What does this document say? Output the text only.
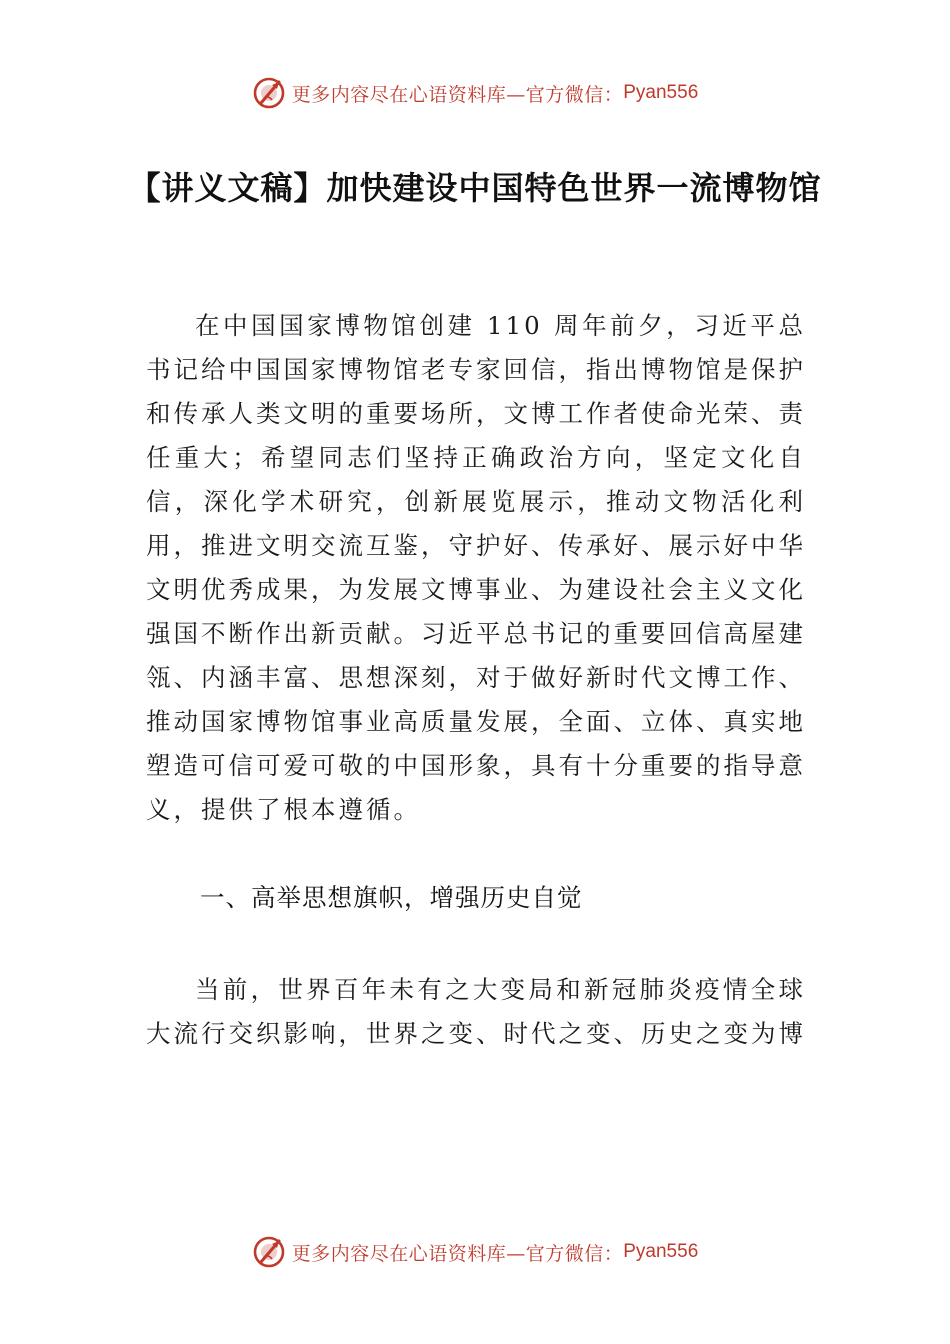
更多内容尽在心语资料库—官方微信： Pyan556
【讲义文稿】加快建设中国特色世界一流博物馆

在中国国家博物馆创建 110 周年前夕，习近平总书记给中国国家博物馆老专家回信，指出博物馆是保护和传承人类文明的重要场所，文博工作者使命光荣、责任重大；希望同志们坚持正确政治方向，坚定文化自信，深化学术研究，创新展览展示，推动文物活化利用，推进文明交流互鉴，守护好、传承好、展示好中华文明优秀成果，为发展文博事业、为建设社会主义文化强国不断作出新贡献。习近平总书记的重要回信高屋建瓴、内涵丰富、思想深刻，对于做好新时代文博工作、推动国家博物馆事业高质量发展，全面、立体、真实地塑造可信可爱可敬的中国形象，具有十分重要的指导意义，提供了根本遵循。

一、高举思想旗帜，增强历史自觉

当前，世界百年未有之大变局和新冠肺炎疫情全球大流行交织影响，世界之变、时代之变、历史之变为博

更多内容尽在心语资料库—官方微信： Pyan556
